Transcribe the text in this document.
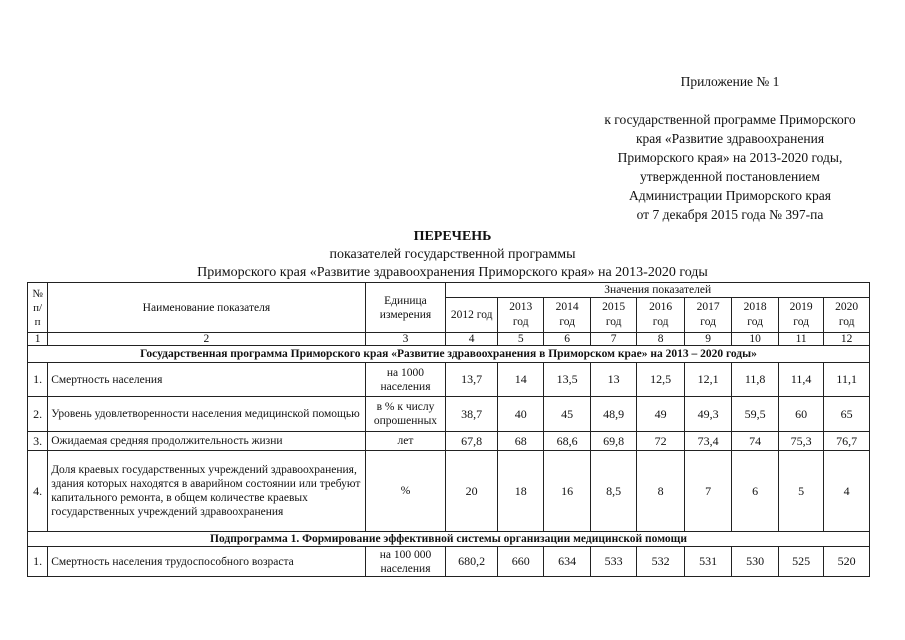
Приложение № 1
к государственной программе Приморского
края «Развитие здравоохранения
Приморского края» на 2013-2020 годы,
утвержденной постановлением
Администрации Приморского края
от 7 декабря 2015 года № 397-па
ПЕРЕЧЕНЬ
показателей государственной программы
Приморского края «Развитие здравоохранения Приморского края» на 2013-2020 годы
№ п/п	Наименование показателя	Единица измерения	Значения показателей								
			2012 год	2013 год	2014 год	2015 год	2016 год	2017 год	2018 год	2019 год	2020 год
1	2	3	4	5	6	7	8	9	10	11	12
Государственная программа Приморского края «Развитие здравоохранения в Приморском крае» на 2013 – 2020 годы»											
1.	Смертность населения	на 1000 населения	13,7	14	13,5	13	12,5	12,1	11,8	11,4	11,1
2.	Уровень удовлетворенности населения медицинской помощью	в % к числу опрошенных	38,7	40	45	48,9	49	49,3	59,5	60	65
3.	Ожидаемая средняя продолжительность жизни	лет	67,8	68	68,6	69,8	72	73,4	74	75,3	76,7
4.	Доля краевых государственных учреждений здравоохранения, здания которых находятся в аварийном состоянии или требуют капитального ремонта, в общем количестве краевых государственных учреждений здравоохранения	%	20	18	16	8,5	8	7	6	5	4
Подпрограмма 1. Формирование эффективной системы организации медицинской помощи											
1.	Смертность населения трудоспособного возраста	на 100 000 населения	680,2	660	634	533	532	531	530	525	520
